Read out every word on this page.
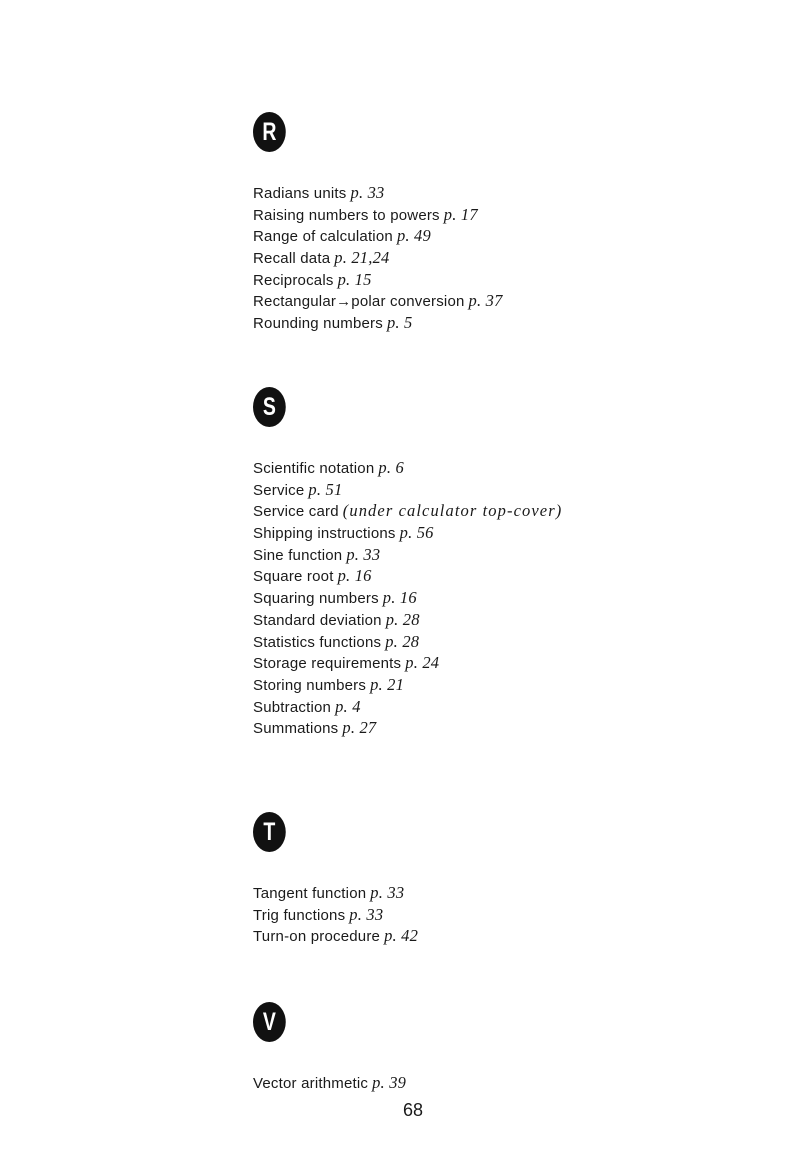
R
Radians units p. 33
Raising numbers to powers p. 17
Range of calculation p. 49
Recall data p. 21,24
Reciprocals p. 15
Rectangular→polar conversion p. 37
Rounding numbers p. 5
S
Scientific notation p. 6
Service p. 51
Service card (under calculator top-cover)
Shipping instructions p. 56
Sine function p. 33
Square root p. 16
Squaring numbers p. 16
Standard deviation p. 28
Statistics functions p. 28
Storage requirements p. 24
Storing numbers p. 21
Subtraction p. 4
Summations p. 27
T
Tangent function p. 33
Trig functions p. 33
Turn-on procedure p. 42
V
Vector arithmetic p. 39
68
